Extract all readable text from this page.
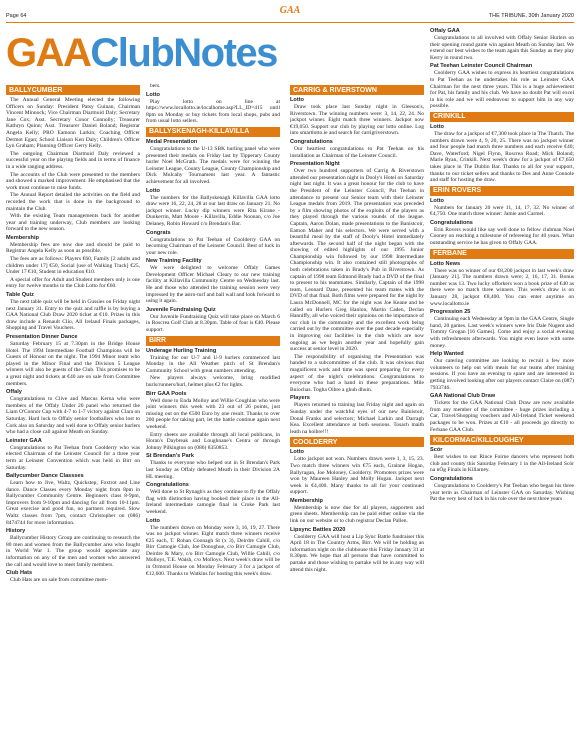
Page 64	GAA	THE TRIBUNE, 30th January 2020
GAAClubNotes
BALLYCUMBER
The Annual General Meeting elected the following Officers on Sunday: President Patsy Guinan, Chairman Vincent Minnock; Vice Chairman Diarmuid Daly; Secretary Jane Cox; Asst. Secretary Conor Connolly; Treasurer Kathryn Quinn; Asst. Treasurer Daniel Boland; Registrar Angela Kelly; PRO Eamonn Larkin; Coaching Officer Dermot Egan; School Liaison Ken Daly; Children's Officer Lyn Graham; Planning Officer Gerry Kelly.
The outgoing Chairman Diarmuid Daly reviewed a successful year on the playing fields and in terms of finance in a wide ranging address.
The accounts of the Club were presented to the members and showed a marked improvement. He emphasised that the work must continue to raise funds.
The Annual Report detailed the activities on the field and recorded the work that is done in the background to maintain the Club.
With the existing Team managements back for another year and training underway, Club members are looking forward to the new season.
Membership
Membership fees are now due and should be paid to Registrar Angela Kelly as soon as possible.
The fees are as follows: Players €60, Family [2 adults and children under 17] €50, Social [use of Walking Track] €25, Under 17 €10, Student in education €10.
A special offer for Adult and Student members only is one entry for twelve months to the Club Lotto for €60.
Table Quiz
The next table quiz will be held in Gussies on Friday night next January 31. Entry to the quiz and raffle is by buying a GAA National Club Draw 2020 ticket at €10. Prizes in this draw include a Renault Clio, All Ireland Finals packages, Shopping and Travel Vouchers.
Presentation Dinner Dance
Saturday February 15 at 7.30pm in the Bridge House Hotel. The 1994 Intermediate Football Champions will be Guests of Honour on the night. The 1994 Minor team who played in the Minor Final and the Division 5 League winners will also be guests of the Club. This promises to be a great night and tickets at €40 are on sale from Committee members.
Offaly
Congratulations to Clive and Marcus Kerna who were members of the Offaly Under 20 panel who returned the Liam O'Connor Cup with 4-7 to 1-7 victory against Clara on Saturday. Hard luck to Offaly senior footballers who lost to Cork also on Saturday and well done to Offaly senior hurlers who had a close call against Meath on Sunday.
Leinster GAA
Congratulations to Pat Teehan from Coolderry who was elected Chairman of the Leinster Council for a three year term at Leinster Convention which was held in Birr on Saturday.
Ballycumber Dance Classses
Learn how to Jive, Waltz, Quickstep, Foxtrot and Line dance. Dance Classes every Monday night from 8pm in Ballycumber Community Centre. Beginners class 8-9pm, Improvers from 9-10pm and dancing for all from 10-11pm. Great exercise and good fun, no partners required. Slow Waltz classes from 7pm, contact Christopher on (086) 8474744 for more information.
History
Ballycumber History Group are continuing to research the 80 men and women from the Ballycumber area who fought in World War 1. The group would appreciate any information on any of the men and women who answered the call and would love to meet family members.
Club Hats
Club Hats are on sale from committee mem-
bers.
Lotto
Play lotto on line at https://www.locallotto.ie/localhome.asp?LL_ID=415 until 8pm on Monday or buy tickets from local shops, pubs and from usual lotto sellers.
BALLYSKENAGH-KILLAVILLA
Medal Presentation
Congratulations to the U-13 SBK hurling panel who were presented their medals on Friday last by Tipperary County hurler Noel McGrath. The medals were for winning the Leinster League, County League, County Championship and Dick Mulcahy Tournament last year. A fantastic achievement for all involved.
Lotto
The numbers for the Ballyskenagh Killavilla GAA lotto draw were 16, 22, 24, 28 at our last draw on January 21. No jackpot winner. Lucky dip winners were Rita Kirane - Dunkerrin, Matt Moore - Killavilla, Eddie Noonan, c/o Joe Delaney, Robin Howard c/o Brendan's Bar.
Congrats
Congratulations to Pat Teehan of Coolderry GAA on becoming Chairman of the Leinster Council. Best of luck in your new role.
New Training Facility
We were delighted to welcome Offaly Games Development Officer Michael Cleary to our new training facility at Killavilla Community Centre on Wednesday last. He and those who attended the training session were very impressed by the astro-turf and ball wall and look forward to using it again.
Juvenile Fundraising Quiz
Our Juvenile Fundraising Quiz will take place on March 6 in Roscrea Golf Club at 8.30pm. Table of four is €40. Please support.
BIRR
Underage Hurling Training
Training for our U-7 and U-9 hurlers commenced last Monday in the All Weather pitch of St Brendan's Community School with great numbers attending.
New players always welcome, bring modified hurls/runners/hurl, helmet plus €2 for lights.
Birr GAA Pools
Well done to Enda Molloy and Willie Coughlan who were joint winners this week with 23 out of 26 points, just missing out on the €500 Euro by one result. Thanks to over 200 people for taking part, let the battle continue again next weekend.
Entry sheets are available through all local publicans, in Horan's Daybreak and Loughnane's Centra or through Johnny Pilkington on (086) 8350853.
St Brendan's Park
Thanks to everyone who helped out in St Brendan's Park last Sunday as Offaly defeated Meath in their Division 2A HL meeting.
Congratulations
Well done to St Rynagh's as they continue to fly the Offaly flag with distinction having booked their place in the All-Ireland intermediate camogie final in Croke Park last weekend.
Lotto
The numbers drawn on Monday were 3, 16, 19, 27. There was no jackpot winner. Eight match three winners receive €25 each, T. Rohan Coonagh St (x 3), Deirdre Cahill, c/o Birr Camogie Club, Joe Donoghue, c/o Birr Camogie Club, Deirdre & Mary, c/o Birr Camogie Club, Willie Cahill, c/o Molloys, T.E. Walsh, c/o Molloys. Next week's draw will be in Ormond House on Monday February 3 for a jackpot of €12,600. Thanks to Watkins for hosting this week's draw.
CARRIG & RIVERSTOWN
Lotto
Draw took place last Sunday night in Gleeson's, Riverstown. The winning numbers were: 3, 14, 22, 24. No jackpot winner. Eight match three winners. Jackpot now €19,050. Support our club by playing our lotto online. Log into smartlotto.ie and search for carrigriverstown.
Congratulations
Our heartiest congratulations to Pat Teehan on his installation as Chairman of the Leinster Council.
Presentation Night
Over two hundred supporters of Carrig & Riverstown attended our presentation night in Dooly's Hotel on Saturday night last night. It was a great honour for the club to have the President of the Leinster Council, Pat Teehan in attendance to present our Senior team with their Leinster League medals from 2019. The presentation was preceded by a film showing photos of the exploits of the players as they played through the various rounds of the league. Captain, Aaron Dolan, made presentations to the Banistcoir, Eamon Maher and his selectors. We were served with a beautiful meal by the staff of Dooly's Hotel immediately afterwards. The second half of the night began with the showing of edited highlights of our 1995 Junior Championship win followed by our 1998 Intermediate Championship win. It also contained still photographs of both celebrations taken in Brady's Pub in Riverstown. As captain of 1998 team Edmond Brady had a DVD of the final to present to his teammates. Similarly, Captain of the 1998 team, Leonard Dane, presented his team mates with the DVD of that final. Both films were prepared for the night by Laura McDonnell, MC for the night was Joe Keane and he called on Hurlers Greg Hanlon, Martin Caden, Declan Hanniffy, all who voiced their opinions on the importance of our club in the community and the excellent work being carried out by the committee over the past decade especially in improving our facilities in the club which are now ongoing as we begin another year and hopefully gain success at senior level in 2020.
The responsibility of organising the Presentation was handed to a subcommittee of the club. It was obvious that magnificent work and time was spent preparing for every aspect of the night's celebrations. Congratulations to everyone who had a hand in these preparations. Mile Buiochas. Togha Oibre a ghuh dhuin.
Players
Players returned to training last Friday night and again on Sunday under the watchful eyes of our new Bainistoir, Donal Franks and selectors; Michael Larkin and Darragh Kea. Excellent attendance at both sessions. Tosach maith leath na hoibre!!!
COOLDERRY
Lotto
Lotto jackpot not won. Numbers drawn were 1, 3, 15, 23. Two match three winners win €75 each, Grainne Hogan, Ballyragan, Joe Moloney, Coolderry. Promoters prizes were won by Maureen Hanley and Molly Hogan. Jackpot next week is €4,400. Many thanks to all for your continued support.
Membership
Membership is now due for all players, supporters and green sheets. Membership can be paid either online via the link on our website or to club registrar Declan Pallen.
Lipsync Battles 2020
Coolderry GAA will host a Lip Sync Battle fundraiser this April 18 in The Country Arms, Birr. We will be holding an information night on the clubhouse this Friday January 31 at 8.30pm. We hope that all persons that have committed to partake and those wishing to partake will be in any way will attend this night.
Offaly GAA
Congratulations to all involved with Offaly Senior Hurlers on their opening round game win against Meath on Sunday last. We extend our best wishes to the team again this Sunday as they play Kerry in round two.
Pat Teehan Leinster Council Chairman
Coolderry GAA wishes to express its heartiest congratulations to Pat Teehan as he undertakes his role as Leinster GAA Chairman for the next three years. This is a huge achievement for Pat, his family and his club. We have no doubt Pat will excel in his role and we will endeavour to support him in any way possible.
CRINKILL
Lotto
The draw for a jackpot of €7,300 took place in The Thatch. The numbers drawn were 4, 9, 20, 25. There was no jackpot winner and four people had match three numbers and each receive €40; Dave, Waterford; Nigel Flynn, Roscrea Road; Mick Boland; Marie Ryan, Crinkill. Next week's draw for a jackpot of €7,650 takes place in The Dublin Bar. Thanks to all for your support, thanks to our ticket sellers and thanks to Des and Anne Connole and staff for hosting the draw.
ERIN ROVERS
Lotto
Numbers for January 20 were 11, 14, 17, 32. No winner of €4,750. One match three winner: Jamie and Carmel.
Congratulations
Erin Rovers would like say well done to fellow clubman Noel Cooney on reaching a milestone of refereeing for 40 years. What outstanding service he has given to Offaly GAA.
FERBANE
Lotto News
There was no winner of our €8,200 jackpot in last week's draw [January 21]. The numbers drawn were; 2, 16, 17, 31. Bonus number was 13. Two lucky offorkers won a book prize of €40 as there were no match three winners. This week's draw is on January 28, jackpot €8,400. You can enter anytime on www.locallotto.ie
Progression 25
Continuing each Wednesday at 9pm in the GAA Centre, Single hand, 20 games. Last week's winners were Iris Dale Nugent and Tommy Grogan [16 Games]. Come and enjoy a social evening with refreshments afterwards. You might even leave with some money.
Help Wanted
Our catering committee are looking to recruit a few more volunteers to help out with meals for our teams after training sessions. If you have an evening to spare and are interested in getting involved looking after our players contact Claire on (087) 7933746.
GAA National Club Draw
Tickets for the GAA National Club Draw are now available from any member of the committee - huge prizes including a Car, Travel/Shopping vouchers and All-Ireland Ticket weekend packages to be won. Prizes at €10 - all proceeds go directly to Ferbane GAA Club.
KILCORMAC/KILLOUGHEY
Scór
Best wishes to our Rince Foirne dancers who represent both club and county this Saturday February 1 in the All-Ireland Scór na nÓg Finals in Killarney.
Congratulations
Congratulations to Coolderry's Pat Teehan who began his three year term as Chairman of Leinster GAA on Saturday. Wishing Pat the very best of luck in his role over the next three years
